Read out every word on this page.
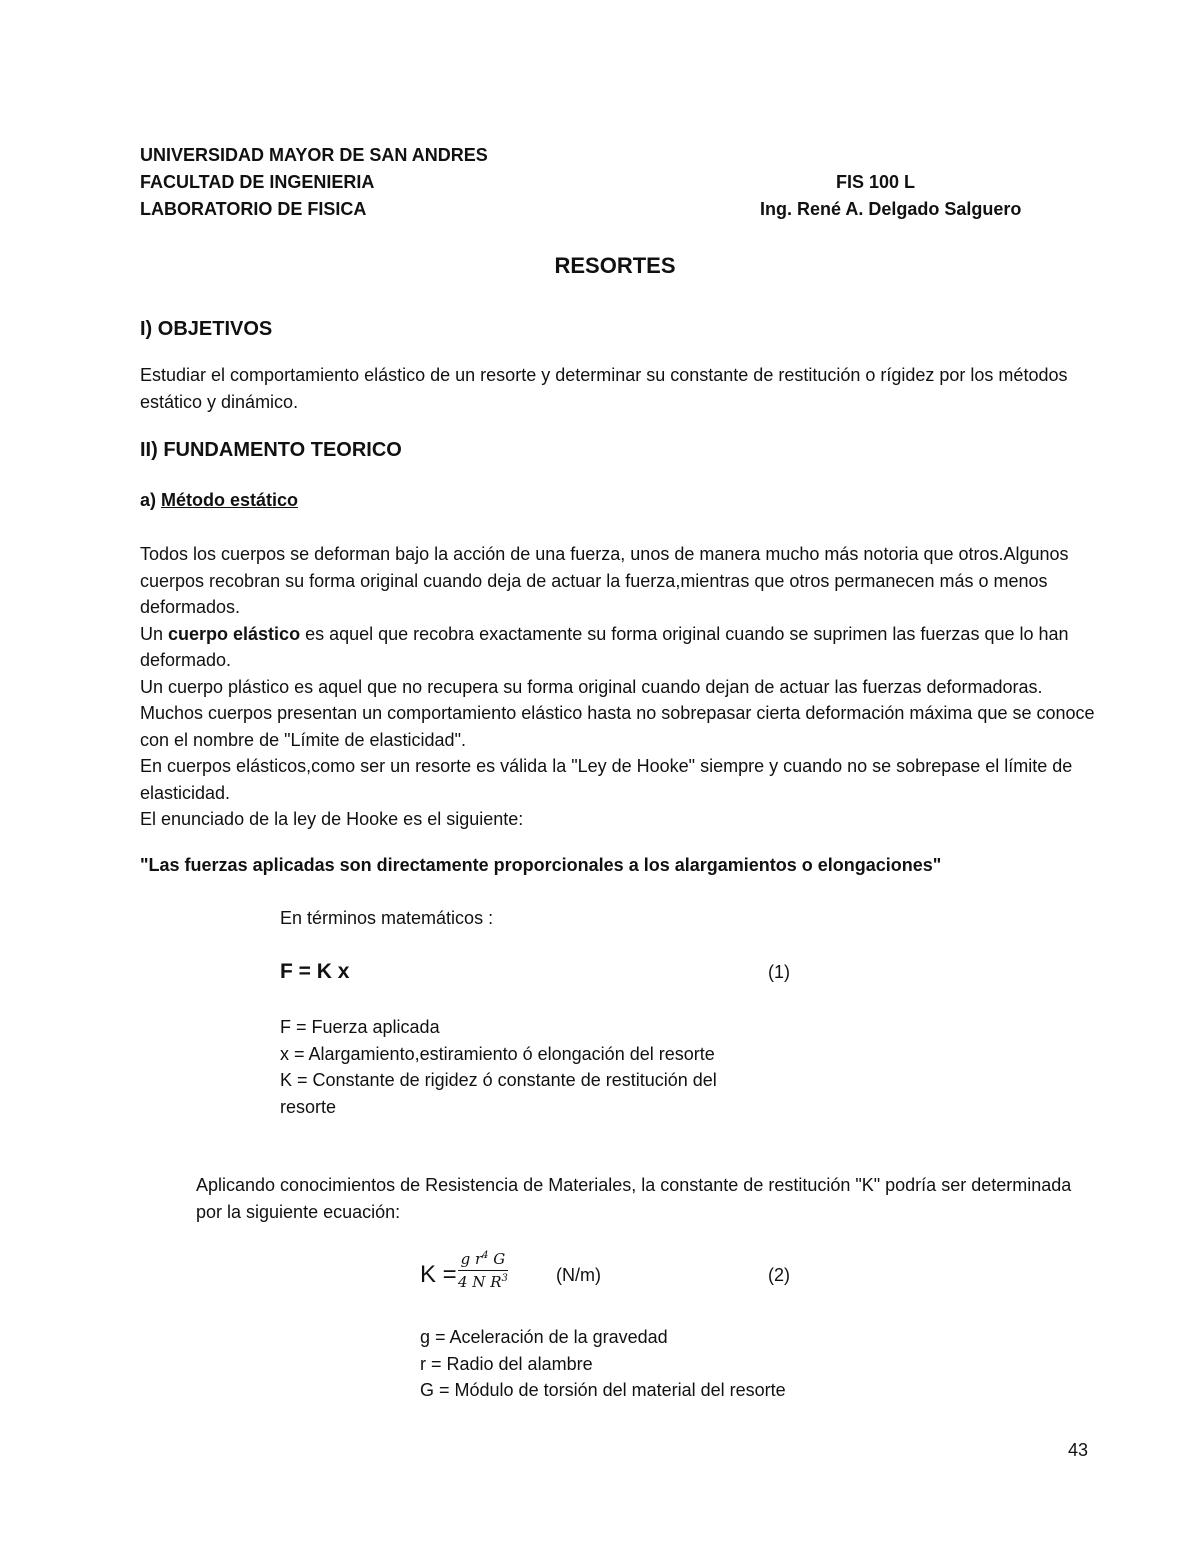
UNIVERSIDAD MAYOR DE SAN ANDRES
FACULTAD DE INGENIERIA
LABORATORIO DE FISICA
FIS 100 L
Ing. René A. Delgado Salguero
RESORTES
I) OBJETIVOS
Estudiar el comportamiento elástico de un resorte y determinar su constante de restitución o rígidez por los métodos estático y dinámico.
II) FUNDAMENTO TEORICO
a) Método estático

Todos los cuerpos se deforman bajo la acción de una fuerza, unos de manera mucho más notoria que otros.Algunos cuerpos recobran su forma original cuando deja de actuar la fuerza,mientras que otros permanecen más o menos deformados.

Un cuerpo elástico es aquel que recobra exactamente su forma original cuando se suprimen las fuerzas que lo han deformado.

Un cuerpo plástico es aquel que no recupera su forma original cuando dejan de actuar las fuerzas deformadoras. Muchos cuerpos presentan un comportamiento elástico hasta no sobrepasar cierta deformación máxima que se conoce con el nombre de "Límite de elasticidad".

En cuerpos elásticos,como ser un resorte es válida la "Ley de Hooke" siempre y cuando no se sobrepase el límite de elasticidad.

El enunciado de la ley de Hooke es el siguiente:

"Las fuerzas aplicadas son directamente proporcionales a los alargamientos o elongaciones"
En términos matemáticos :
F = K x	(1)
F = Fuerza aplicada
x = Alargamiento,estiramiento ó elongación del resorte
K = Constante de rigidez ó constante de restitución del resorte
Aplicando conocimientos de Resistencia de Materiales, la constante de restitución "K" podría ser determinada por la siguiente ecuación:
$K = \frac{g r^4 G}{4 N R^3}$	(N/m)	(2)
g = Aceleración de la gravedad
r = Radio del alambre
G = Módulo de torsión del material del resorte
43
